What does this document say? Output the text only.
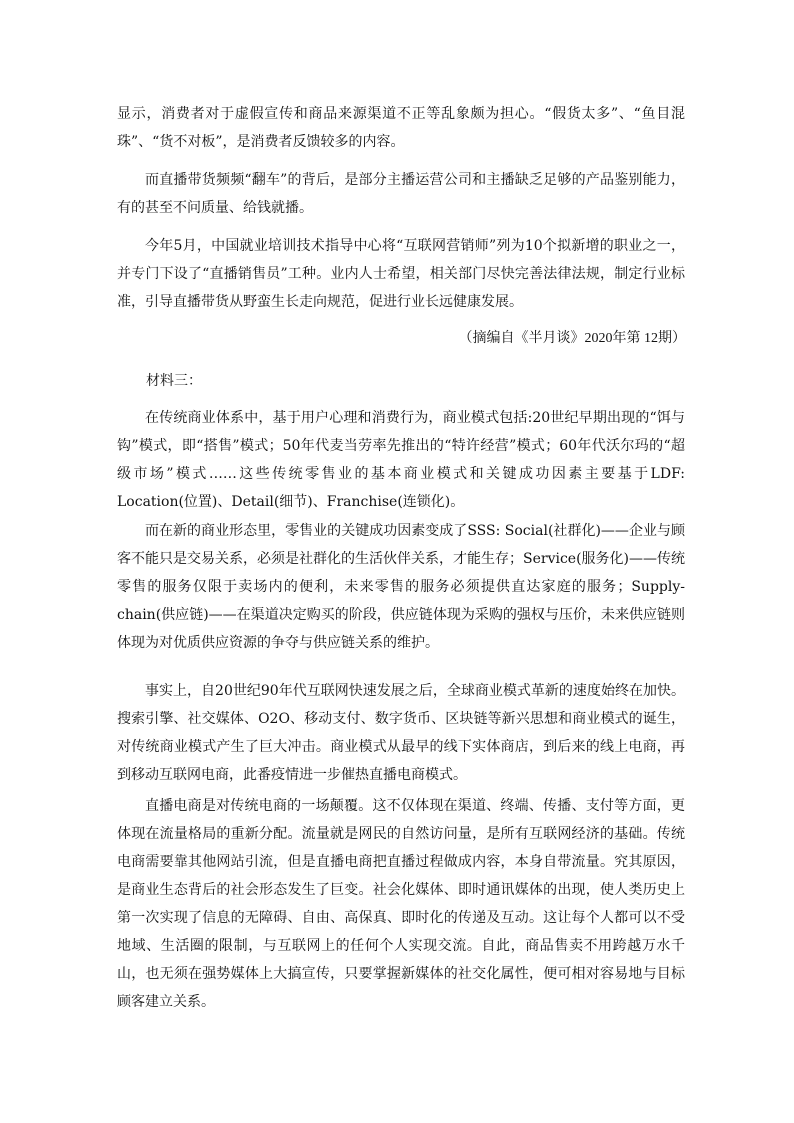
显示，消费者对于虚假宣传和商品来源渠道不正等乱象颇为担心。“假货太多”、“鱼目混珠”、“货不对板”，是消费者反馈较多的内容。

而直播带货频频“翻车”的背后，是部分主播运营公司和主播缺乏足够的产品鉴别能力，有的甚至不问质量、给钱就播。

今年5月，中国就业培训技术指导中心将“互联网营销师”列为10个拟新增的职业之一，并专门下设了“直播销售员”工种。业内人士希望，相关部门尽快完善法律法规，制定行业标准，引导直播带货从野蛮生长走向规范，促进行业长远健康发展。

（摘编自《半月谈》2020年第 12期）
材料三：

在传统商业体系中，基于用户心理和消费行为，商业模式包括:20世纪早期出现的“饵与钩”模式，即“搭售”模式；50年代麦当劳率先推出的“特许经营”模式；60年代沃尔玛的“超级市场”模式……这些传统零售业的基本商业模式和关键成功因素主要基于LDF: Location(位置)、Detail(细节)、Franchise(连锁化)。

而在新的商业形态里，零售业的关键成功因素变成了SSS: Social(社群化)——企业与顾客不能只是交易关系，必须是社群化的生活伙伴关系，才能生存；Service(服务化)——传统零售的服务仅限于卖场内的便利，未来零售的服务必须提供直达家庭的服务；Supply-chain(供应链)——在渠道决定购买的阶段，供应链体现为采购的强权与压价，未来供应链则体现为对优质供应资源的争夺与供应链关系的维护。

事实上，自20世纪90年代互联网快速发展之后，全球商业模式革新的速度始终在加快。搜索引擎、社交媒体、O2O、移动支付、数字货币、区块链等新兴思想和商业模式的诞生，对传统商业模式产生了巨大冲击。商业模式从最早的线下实体商店，到后来的线上电商，再到移动互联网电商，此番疫情进一步催热直播电商模式。

直播电商是对传统电商的一场颠覆。这不仅体现在渠道、终端、传播、支付等方面，更体现在流量格局的重新分配。流量就是网民的自然访问量，是所有互联网经济的基础。传统电商需要靠其他网站引流，但是直播电商把直播过程做成内容，本身自带流量。究其原因，是商业生态背后的社会形态发生了巨变。社会化媒体、即时通讯媒体的出现，使人类历史上第一次实现了信息的无障碍、自由、高保真、即时化的传递及互动。这让每个人都可以不受地域、生活圈的限制，与互联网上的任何个人实现交流。自此，商品售卖不用跨越万水千山，也无须在强势媒体上大搞宣传，只要掌握新媒体的社交化属性，便可相对容易地与目标顾客建立关系。
